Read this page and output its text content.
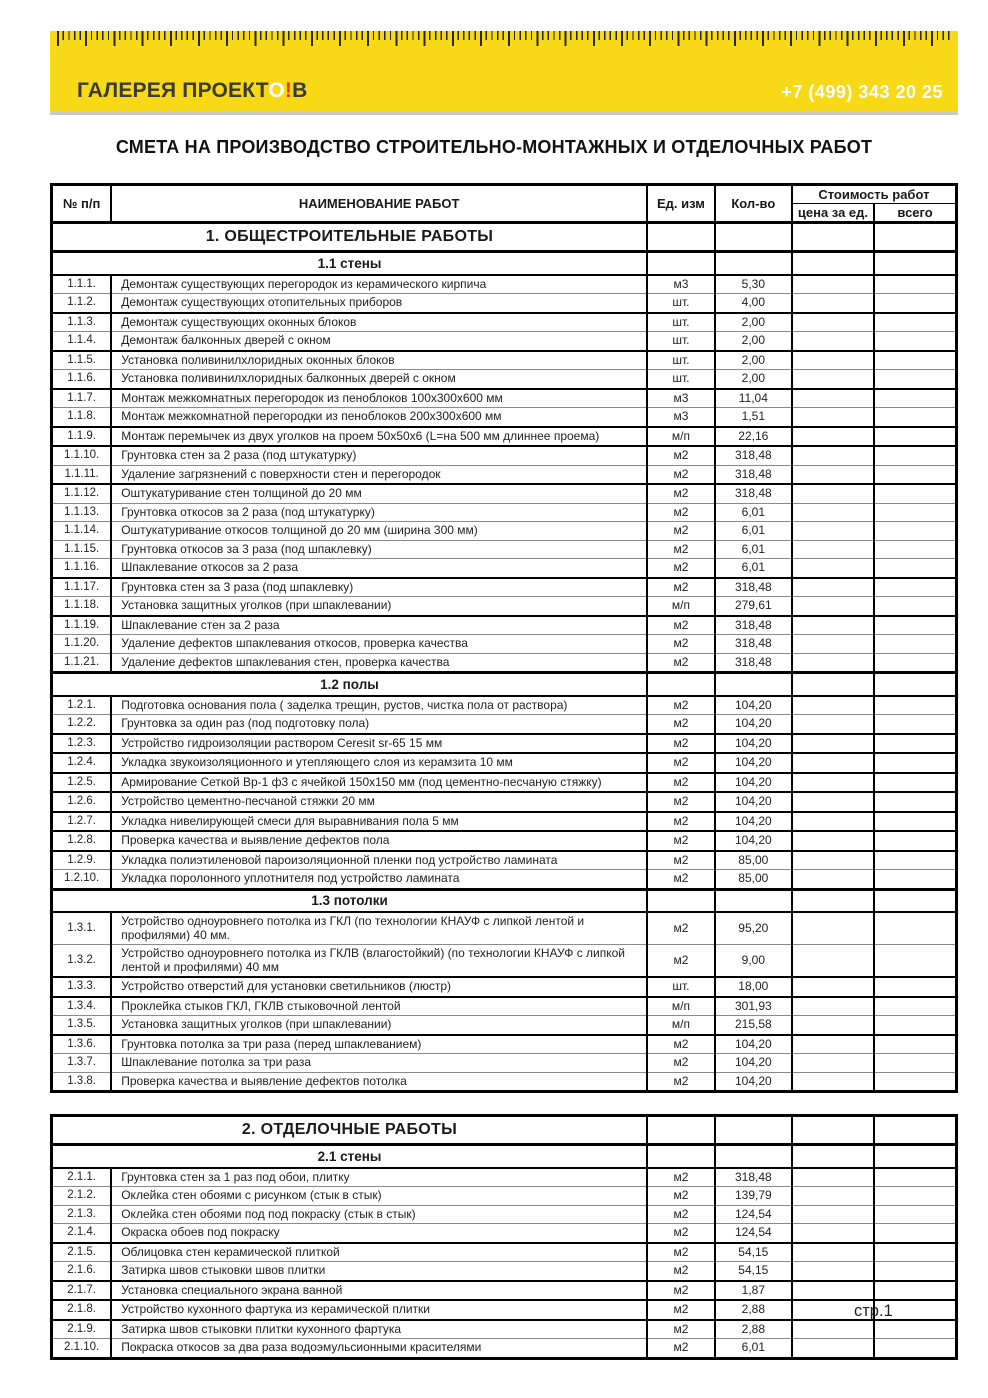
ГАЛЕРЕЯ ПРОЕКТО!В	+7 (499) 343 20 25
СМЕТА НА ПРОИЗВОДСТВО СТРОИТЕЛЬНО-МОНТАЖНЫХ И ОТДЕЛОЧНЫХ РАБОТ
№ п/п	НАИМЕНОВАНИЕ РАБОТ	Ед. изм	Кол-во	Стоимость работ	
				цена за ед.	всего
1. ОБЩЕСТРОИТЕЛЬНЫЕ РАБОТЫ					
1.1 стены					
1.1.1.	Демонтаж существующих перегородок из керамического кирпича	м3	5,30		
1.1.2.	Демонтаж существующих отопительных приборов	шт.	4,00		
1.1.3.	Демонтаж существующих оконных блоков	шт.	2,00		
1.1.4.	Демонтаж балконных дверей с окном	шт.	2,00		
1.1.5.	Установка поливинилхлоридных оконных блоков	шт.	2,00		
1.1.6.	Установка поливинилхлоридных балконных дверей с окном	шт.	2,00		
1.1.7.	Монтаж межкомнатных перегородок из пеноблоков 100х300х600 мм	м3	11,04		
1.1.8.	Монтаж межкомнатной перегородки из пеноблоков 200х300х600 мм	м3	1,51		
1.1.9.	Монтаж перемычек из двух уголков на проем 50х50х6 (L=на 500 мм длиннее проема)	м/п	22,16		
1.1.10.	Грунтовка стен за 2 раза (под штукатурку)	м2	318,48		
1.1.11.	Удаление загрязнений с поверхности стен и перегородок	м2	318,48		
1.1.12.	Оштукатуривание стен толщиной до 20 мм	м2	318,48		
1.1.13.	Грунтовка откосов за 2 раза (под штукатурку)	м2	6,01		
1.1.14.	Оштукатуривание откосов толщиной до 20 мм (ширина 300 мм)	м2	6,01		
1.1.15.	Грунтовка откосов за 3 раза (под шпаклевку)	м2	6,01		
1.1.16.	Шпаклевание откосов за 2 раза	м2	6,01		
1.1.17.	Грунтовка стен за 3 раза (под шпаклевку)	м2	318,48		
1.1.18.	Установка защитных уголков (при шпаклевании)	м/п	279,61		
1.1.19.	Шпаклевание стен за 2 раза	м2	318,48		
1.1.20.	Удаление дефектов шпаклевания откосов, проверка качества	м2	318,48		
1.1.21.	Удаление дефектов шпаклевания стен, проверка качества	м2	318,48		
1.2 полы					
1.2.1.	Подготовка основания пола ( заделка трещин, рустов, чистка пола от раствора)	м2	104,20		
1.2.2.	Грунтовка за один раз (под подготовку пола)	м2	104,20		
1.2.3.	Устройство гидроизоляции раствором Ceresit sr-65 15 мм	м2	104,20		
1.2.4.	Укладка звукоизоляционного и утепляющего слоя из керамзита 10 мм	м2	104,20		
1.2.5.	Армирование Сеткой Вр-1 ф3 с ячейкой 150х150 мм (под цементно-песчаную стяжку)	м2	104,20		
1.2.6.	Устройство цементно-песчаной стяжки 20 мм	м2	104,20		
1.2.7.	Укладка нивелирующей смеси для выравнивания пола 5 мм	м2	104,20		
1.2.8.	Проверка качества и выявление дефектов пола	м2	104,20		
1.2.9.	Укладка полиэтиленовой пароизоляционной пленки под устройство ламината	м2	85,00		
1.2.10.	Укладка поролонного уплотнителя под устройство ламината	м2	85,00		
1.3 потолки					
1.3.1.	Устройство одноуровнего потолка из ГКЛ (по технологии КНАУФ с липкой лентой и профилями) 40 мм.	м2	95,20		
1.3.2.	Устройство одноуровнего потолка из ГКЛВ (влагостойкий) (по технологии КНАУФ с липкой лентой и профилями) 40 мм	м2	9,00		
1.3.3.	Устройство отверстий для установки светильников (люстр)	шт.	18,00		
1.3.4.	Проклейка стыков ГКЛ, ГКЛВ стыковочной лентой	м/п	301,93		
1.3.5.	Установка защитных уголков (при шпаклевании)	м/п	215,58		
1.3.6.	Грунтовка потолка за три раза (перед шпаклеванием)	м2	104,20		
1.3.7.	Шпаклевание потолка за три раза	м2	104,20		
1.3.8.	Проверка качества и выявление дефектов потолка	м2	104,20		
2. ОТДЕЛОЧНЫЕ РАБОТЫ					
2.1 стены					
2.1.1.	Грунтовка стен за 1 раз под обои, плитку	м2	318,48		
2.1.2.	Оклейка стен обоями с рисунком (стык в стык)	м2	139,79		
2.1.3.	Оклейка стен обоями под под покраску (стык в стык)	м2	124,54		
2.1.4.	Окраска обоев под покраску	м2	124,54		
2.1.5.	Облицовка стен керамической плиткой	м2	54,15		
2.1.6.	Затирка швов стыковки швов плитки	м2	54,15		
2.1.7.	Установка специального экрана ванной	м2	1,87		
2.1.8.	Устройство кухонного фартука из керамической плитки	м2	2,88		
2.1.9.	Затирка швов стыковки плитки кухонного фартука	м2	2,88		
2.1.10.	Покраска откосов за два раза водоэмульсионными красителями	м2	6,01		
стр.1
